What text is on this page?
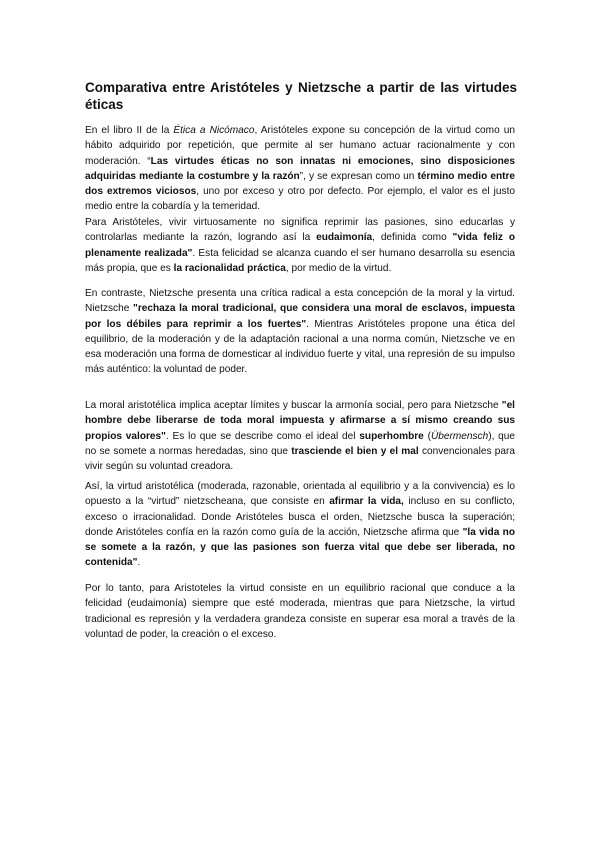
Comparativa entre Aristóteles y Nietzsche a partir de las virtudes éticas

En el libro II de la Ética a Nicómaco, Aristóteles expone su concepción de la virtud como un hábito adquirido por repetición, que permite al ser humano actuar racionalmente y con moderación. “Las virtudes éticas no son innatas ni emociones, sino disposiciones adquiridas mediante la costumbre y la razón”, y se expresan como un término medio entre dos extremos viciosos, uno por exceso y otro por defecto. Por ejemplo, el valor es el justo medio entre la cobardía y la temeridad.

Para Aristóteles, vivir virtuosamente no significa reprimir las pasiones, sino educarlas y controlarlas mediante la razón, logrando así la eudaimonía, definida como "vida feliz o plenamente realizada". Esta felicidad se alcanza cuando el ser humano desarrolla su esencia más propia, que es la racionalidad práctica, por medio de la virtud.

En contraste, Nietzsche presenta una crítica radical a esta concepción de la moral y la virtud. Nietzsche "rechaza la moral tradicional, que considera una moral de esclavos, impuesta por los débiles para reprimir a los fuertes". Mientras Aristóteles propone una ética del equilibrio, de la moderación y de la adaptación racional a una norma común, Nietzsche ve en esa moderación una forma de domesticar al individuo fuerte y vital, una represión de su impulso más auténtico: la voluntad de poder.

La moral aristotélica implica aceptar límites y buscar la armonía social, pero para Nietzsche "el hombre debe liberarse de toda moral impuesta y afirmarse a sí mismo creando sus propios valores". Es lo que se describe como el ideal del superhombre (Übermensch), que no se somete a normas heredadas, sino que trasciende el bien y el mal convencionales para vivir según su voluntad creadora.

Así, la virtud aristotélica (moderada, razonable, orientada al equilibrio y a la convivencia) es lo opuesto a la “virtud” nietzscheana, que consiste en afirmar la vida, incluso en su conflicto, exceso o irracionalidad. Donde Aristóteles busca el orden, Nietzsche busca la superación; donde Aristóteles confía en la razón como guía de la acción, Nietzsche afirma que "la vida no se somete a la razón, y que las pasiones son fuerza vital que debe ser liberada, no contenida".

Por lo tanto, para Aristoteles la virtud consiste en un equilibrio racional que conduce a la felicidad (eudaimonía) siempre que esté moderada, mientras que para Nietzsche, la virtud tradicional es represión y la verdadera grandeza consiste en superar esa moral a través de la voluntad de poder, la creación o el exceso.
